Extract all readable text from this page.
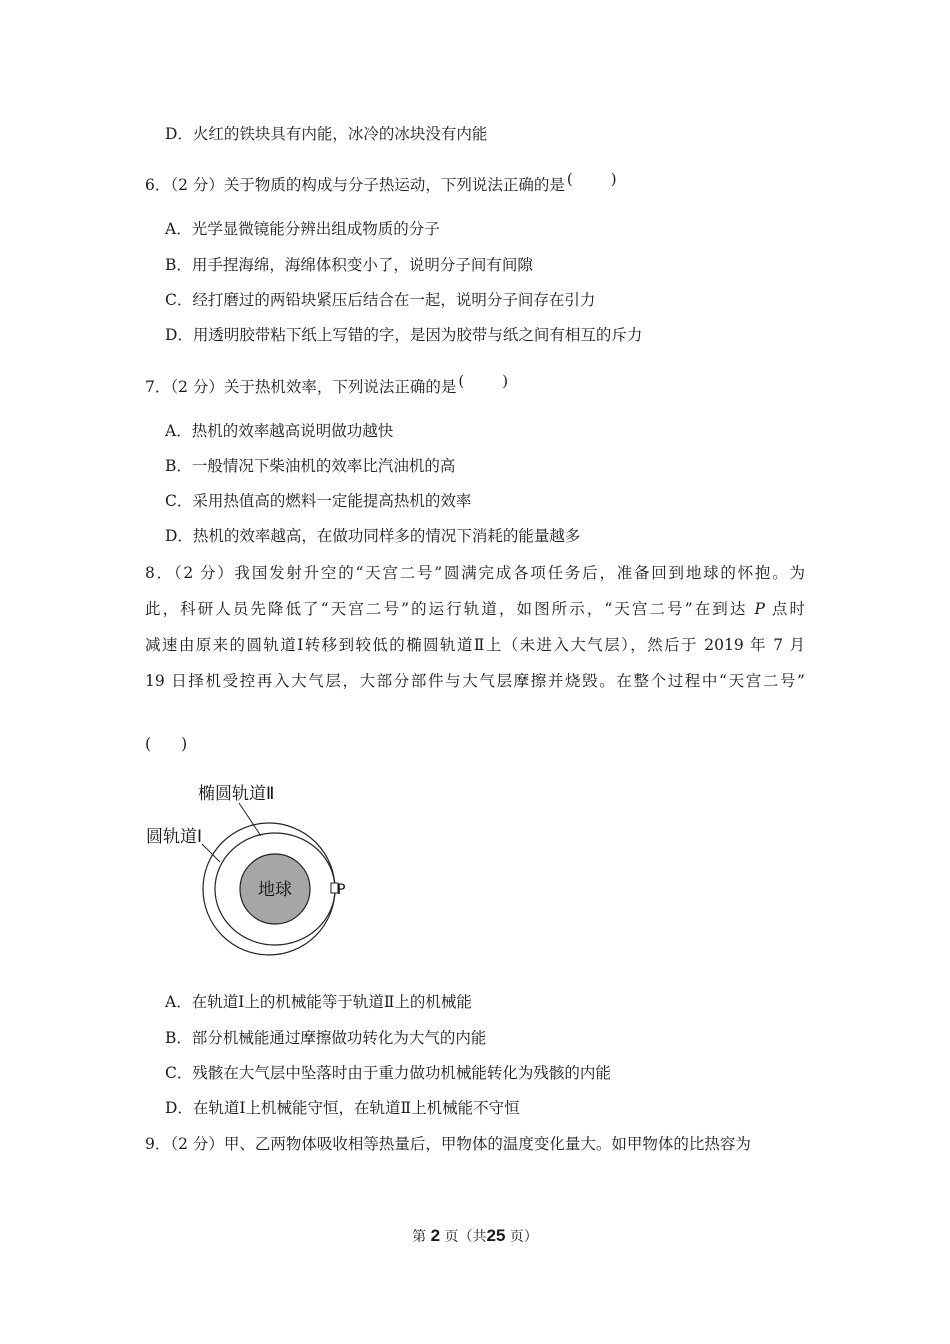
D．火红的铁块具有内能，冰冷的冰块没有内能
6．（2 分）关于物质的构成与分子热运动，下列说法正确的是 (	)
A．光学显微镜能分辨出组成物质的分子
B．用手捏海绵，海绵体积变小了，说明分子间有间隙
C．经打磨过的两铅块紧压后结合在一起，说明分子间存在引力
D．用透明胶带粘下纸上写错的字，是因为胶带与纸之间有相互的斥力
7．（2 分）关于热机效率，下列说法正确的是 (	)
A．热机的效率越高说明做功越快
B．一般情况下柴油机的效率比汽油机的高
C．采用热值高的燃料一定能提高热机的效率
D．热机的效率越高，在做功同样多的情况下消耗的能量越多
8．（2 分）我国发射升空的“天宫二号”圆满完成各项任务后，准备回到地球的怀抱。为
此，科研人员先降低了“天宫二号”的运行轨道，如图所示，“天宫二号”在到达 P 点时
减速由原来的圆轨道Ⅰ转移到较低的椭圆轨道Ⅱ上（未进入大气层），然后于 2019 年 7 月
19 日择机受控再入大气层，大部分部件与大气层摩擦并烧毁。在整个过程中“天宫二号”
( )
椭圆轨道Ⅱ
圆轨道Ⅰ
地球	P
A．在轨道Ⅰ上的机械能等于轨道Ⅱ上的机械能
B．部分机械能通过摩擦做功转化为大气的内能
C．残骸在大气层中坠落时由于重力做功机械能转化为残骸的内能
D．在轨道Ⅰ上机械能守恒，在轨道Ⅱ上机械能不守恒
9．（2 分）甲、乙两物体吸收相等热量后，甲物体的温度变化量大。如甲物体的比热容为
第 2 页（共25 页）
